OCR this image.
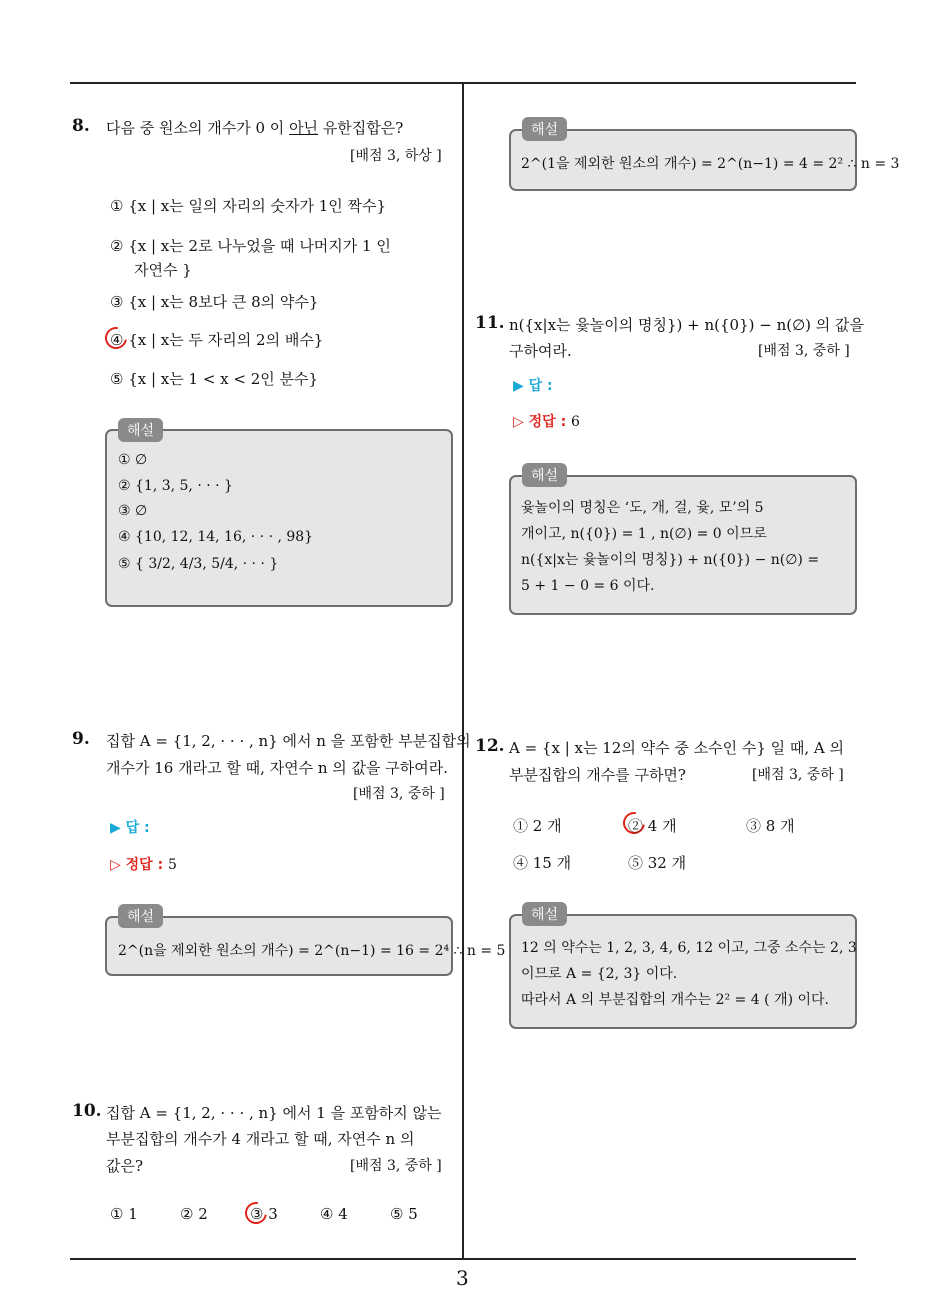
3
8. 다음 중 원소의 개수가 0 이 아닌 유한집합은?
[배점 3, 하상 ]
① {x | x는 일의 자리의 숫자가 1인 짝수}
② {x | x는 2로 나누었을 때 나머지가 1 인
자연수 }
③ {x | x는 8보다 큰 8의 약수}
④ {x | x는 두 자리의 2의 배수}
⑤ {x | x는 1 < x < 2인 분수}
해설
① ∅
② {1, 3, 5, · · · }
③ ∅
④ {10, 12, 14, 16, · · · , 98}
⑤ { 3/2, 4/3, 5/4, · · · }
9. 집합 A = {1, 2, · · · , n} 에서 n 을 포함한 부분집합의
개수가 16 개라고 할 때, 자연수 n 의 값을 구하여라.
[배점 3, 중하 ]
▶ 답 :
▷ 정답 : 5
해설
2^(n을 제외한 원소의 개수) = 2^(n−1) = 16 = 2⁴ ∴ n = 5
10. 집합 A = {1, 2, · · · , n} 에서 1 을 포함하지 않는
부분집합의 개수가 4 개라고 할 때, 자연수 n 의
값은?	[배점 3, 중하 ]
① 1	② 2	③ 3	④ 4	⑤ 5
해설
2^(1을 제외한 원소의 개수) = 2^(n−1) = 4 = 2² ∴ n = 3
11. n({x|x는 윷놀이의 명칭}) + n({0}) − n(∅) 의 값을
구하여라.	[배점 3, 중하 ]
▶ 답 :
▷ 정답 : 6
해설
윷놀이의 명칭은 ‘도, 개, 걸, 윷, 모’의 5
개이고, n({0}) = 1 , n(∅) = 0 이므로
n({x|x는 윷놀이의 명칭}) + n({0}) − n(∅) =
5 + 1 − 0 = 6 이다.
12. A = {x | x는 12의 약수 중 소수인 수} 일 때, A 의
부분집합의 개수를 구하면?	[배점 3, 중하 ]
① 2 개	② 4 개	③ 8 개
④ 15 개	⑤ 32 개
해설
12 의 약수는 1, 2, 3, 4, 6, 12 이고, 그중 소수는 2, 3
이므로 A = {2, 3} 이다.
따라서 A 의 부분집합의 개수는 2² = 4 ( 개) 이다.
